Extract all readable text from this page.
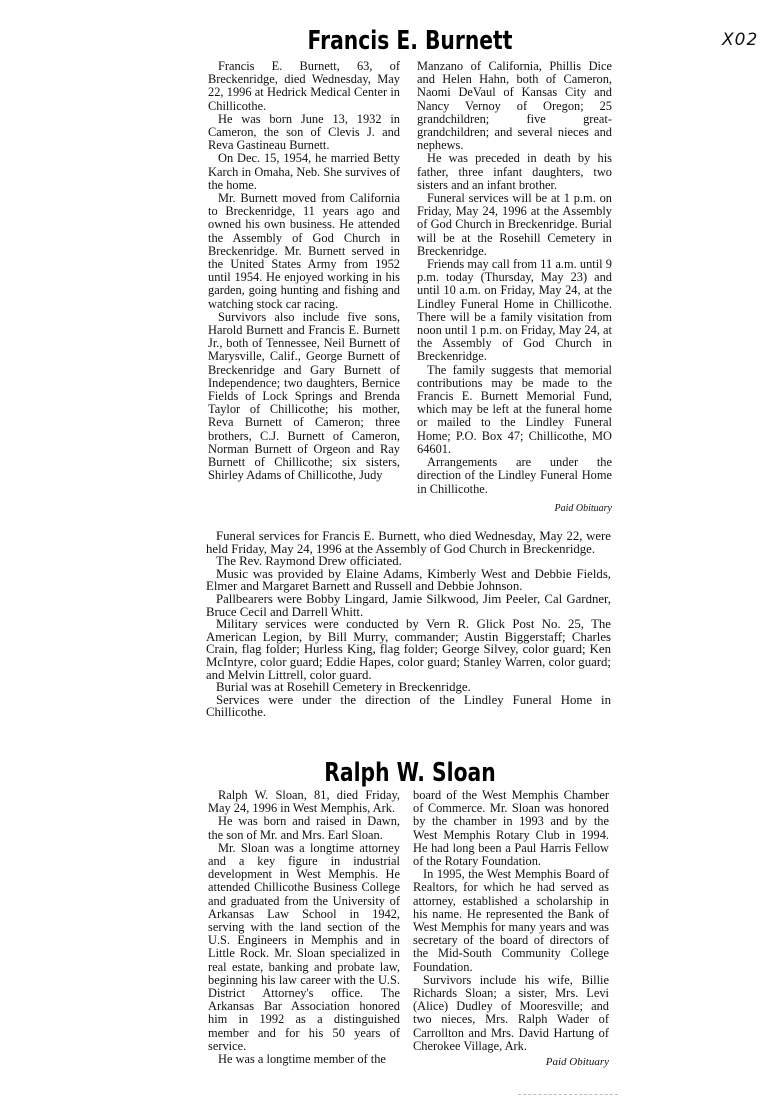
X02
Francis E. Burnett

Francis E. Burnett, 63, of Breckenridge, died Wednesday, May 22, 1996 at Hedrick Medical Center in Chillicothe.

He was born June 13, 1932 in Cameron, the son of Clevis J. and Reva Gastineau Burnett.

On Dec. 15, 1954, he married Betty Karch in Omaha, Neb. She survives of the home.

Mr. Burnett moved from California to Breckenridge, 11 years ago and owned his own business. He attended the Assembly of God Church in Breckenridge. Mr. Burnett served in the United States Army from 1952 until 1954. He enjoyed working in his garden, going hunting and fishing and watching stock car racing.

Survivors also include five sons, Harold Burnett and Francis E. Burnett Jr., both of Tennessee, Neil Burnett of Marysville, Calif., George Burnett of Breckenridge and Gary Burnett of Independence; two daughters, Bernice Fields of Lock Springs and Brenda Taylor of Chillicothe; his mother, Reva Burnett of Cameron; three brothers, C.J. Burnett of Cameron, Norman Burnett of Orgeon and Ray Burnett of Chillicothe; six sisters, Shirley Adams of Chillicothe, Judy

Manzano of California, Phillis Dice and Helen Hahn, both of Cameron, Naomi DeVaul of Kansas City and Nancy Vernoy of Oregon; 25 grandchildren; five great-grandchildren; and several nieces and nephews.

He was preceded in death by his father, three infant daughters, two sisters and an infant brother.

Funeral services will be at 1 p.m. on Friday, May 24, 1996 at the Assembly of God Church in Breckenridge. Burial will be at the Rosehill Cemetery in Breckenridge.

Friends may call from 11 a.m. until 9 p.m. today (Thursday, May 23) and until 10 a.m. on Friday, May 24, at the Lindley Funeral Home in Chillicothe. There will be a family visitation from noon until 1 p.m. on Friday, May 24, at the Assembly of God Church in Breckenridge.

The family suggests that memorial contributions may be made to the Francis E. Burnett Memorial Fund, which may be left at the funeral home or mailed to the Lindley Funeral Home; P.O. Box 47; Chillicothe, MO 64601.

Arrangements are under the direction of the Lindley Funeral Home in Chillicothe.

Paid Obituary

Funeral services for Francis E. Burnett, who died Wednesday, May 22, were held Friday, May 24, 1996 at the Assembly of God Church in Breckenridge.

The Rev. Raymond Drew officiated.

Music was provided by Elaine Adams, Kimberly West and Debbie Fields, Elmer and Margaret Barnett and Russell and Debbie Johnson.

Pallbearers were Bobby Lingard, Jamie Silkwood, Jim Peeler, Cal Gardner, Bruce Cecil and Darrell Whitt.

Military services were conducted by Vern R. Glick Post No. 25, The American Legion, by Bill Murry, commander; Austin Biggerstaff; Charles Crain, flag folder; Hurless King, flag folder; George Silvey, color guard; Ken McIntyre, color guard; Eddie Hapes, color guard; Stanley Warren, color guard; and Melvin Littrell, color guard.

Burial was at Rosehill Cemetery in Breckenridge.

Services were under the direction of the Lindley Funeral Home in Chillicothe.

Ralph W. Sloan

Ralph W. Sloan, 81, died Friday, May 24, 1996 in West Memphis, Ark.

He was born and raised in Dawn, the son of Mr. and Mrs. Earl Sloan.

Mr. Sloan was a longtime attorney and a key figure in industrial development in West Memphis. He attended Chillicothe Business College and graduated from the University of Arkansas Law School in 1942, serving with the land section of the U.S. Engineers in Memphis and in Little Rock. Mr. Sloan specialized in real estate, banking and probate law, beginning his law career with the U.S. District Attorney's office. The Arkansas Bar Association honored him in 1992 as a distinguished member and for his 50 years of service.

He was a longtime member of the

board of the West Memphis Chamber of Commerce. Mr. Sloan was honored by the chamber in 1993 and by the West Memphis Rotary Club in 1994. He had long been a Paul Harris Fellow of the Rotary Foundation.

In 1995, the West Memphis Board of Realtors, for which he had served as attorney, established a scholarship in his name. He represented the Bank of West Memphis for many years and was secretary of the board of directors of the Mid-South Community College Foundation.

Survivors include his wife, Billie Richards Sloan; a sister, Mrs. Levi (Alice) Dudley of Mooresville; and two nieces, Mrs. Ralph Wader of Carrollton and Mrs. David Hartung of Cherokee Village, Ark.

Paid Obituary
